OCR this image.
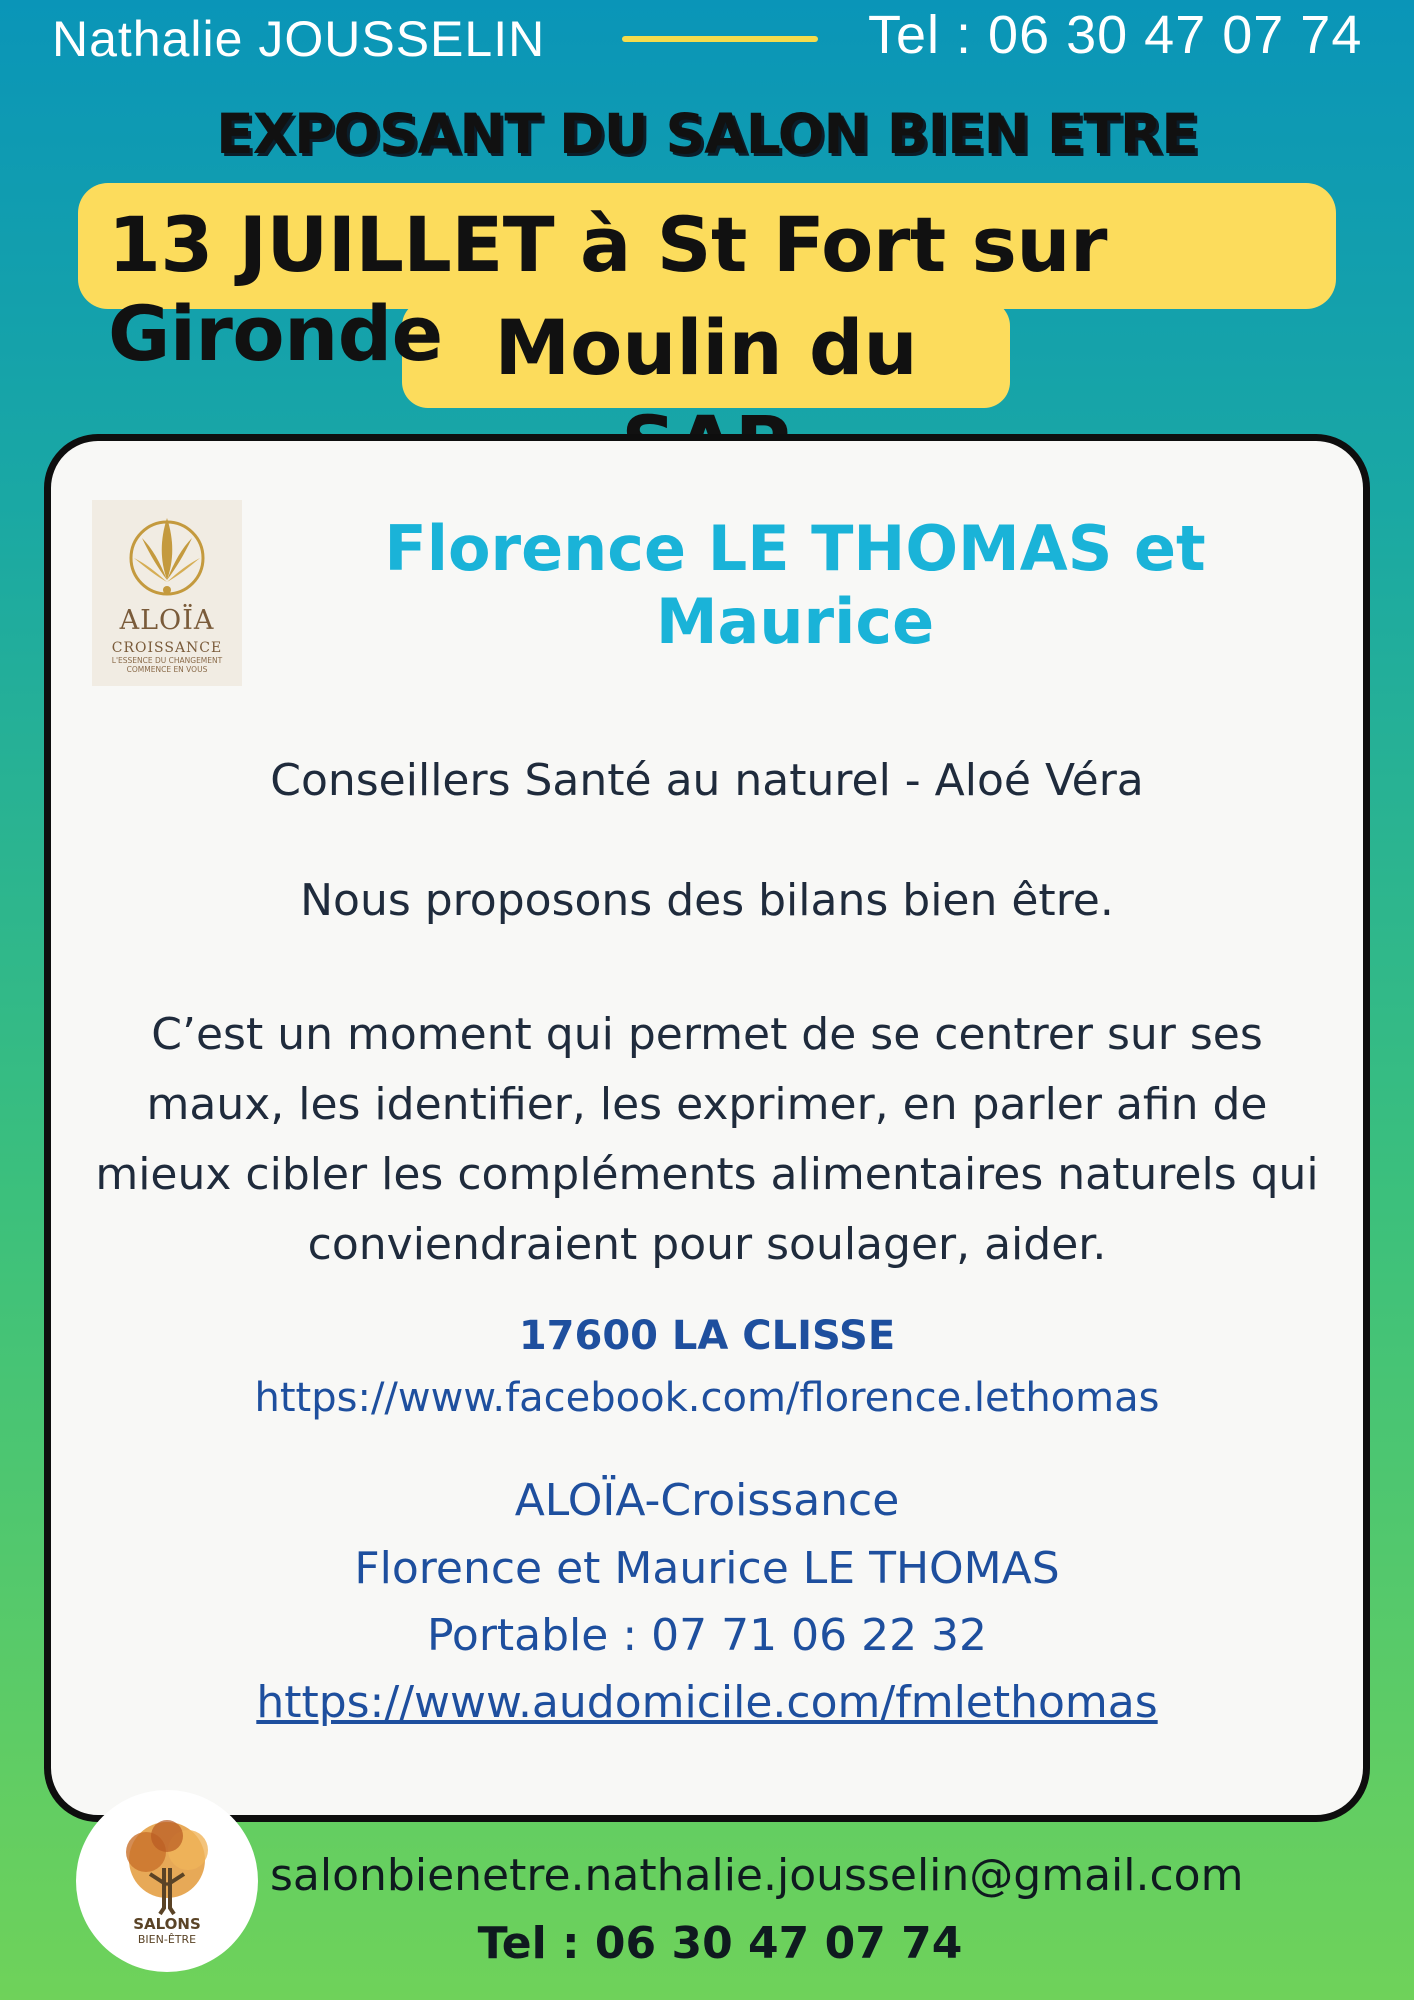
Nathalie JOUSSELIN	Tel : 06 30 47 07 74
EXPOSANT DU SALON BIEN ETRE
13 JUILLET à St Fort sur Gironde Moulin du
ALOÏA
CROISSANCE
L'ESSENCE DU CHANGEMENT COMMENCE EN VOUS
Florence LE THOMAS et Maurice
Conseillers Santé au naturel - Aloé Véra
Nous proposons des bilans bien être.
C’est un moment qui permet de se centrer sur ses maux, les identifier, les exprimer, en parler afin de mieux cibler les compléments alimentaires naturels qui conviendraient pour soulager, aider.
17600 LA CLISSE
https://www.facebook.com/florence.lethomas
ALOÏA-Croissance
Florence et Maurice LE THOMAS
Portable : 07 71 06 22 32
https://www.audomicile.com/fmlethomas
SALONS
BIEN-ÊTRE
salonbienetre.nathalie.jousselin@gmail.com
Tel : 06 30 47 07 74
